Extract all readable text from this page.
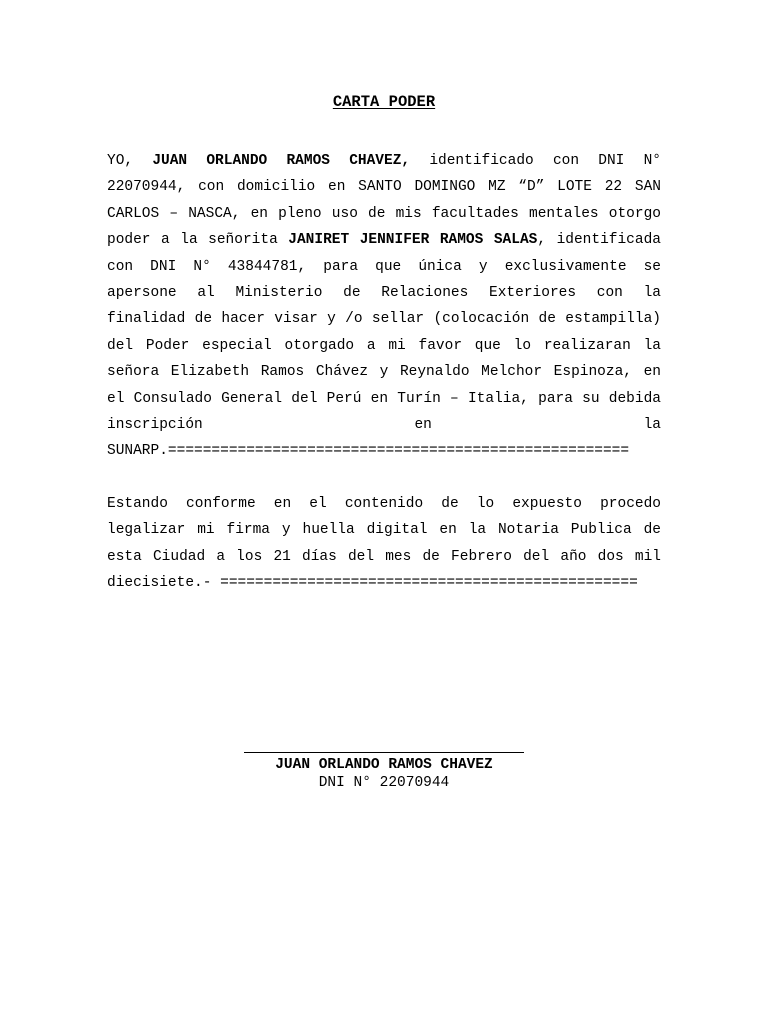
CARTA PODER

YO, JUAN ORLANDO RAMOS CHAVEZ, identificado con DNI N° 22070944, con domicilio en SANTO DOMINGO MZ “D” LOTE 22 SAN CARLOS – NASCA, en pleno uso de mis facultades mentales otorgo poder a la señorita JANIRET JENNIFER RAMOS SALAS, identificada con DNI N° 43844781, para que única y exclusivamente se apersone al Ministerio de Relaciones Exteriores con la finalidad de hacer visar y /o sellar (colocación de estampilla) del Poder especial otorgado a mi favor que lo realizaran la señora Elizabeth Ramos Chávez y Reynaldo Melchor Espinoza, en el Consulado General del Perú en Turín – Italia, para su debida inscripción en la SUNARP.=====================================================

Estando conforme en el contenido de lo expuesto procedo legalizar mi firma y huella digital en la Notaria Publica de esta Ciudad a los 21 días del mes de Febrero del año dos mil diecisiete.- ================================================

JUAN ORLANDO RAMOS CHAVEZ
DNI N° 22070944
